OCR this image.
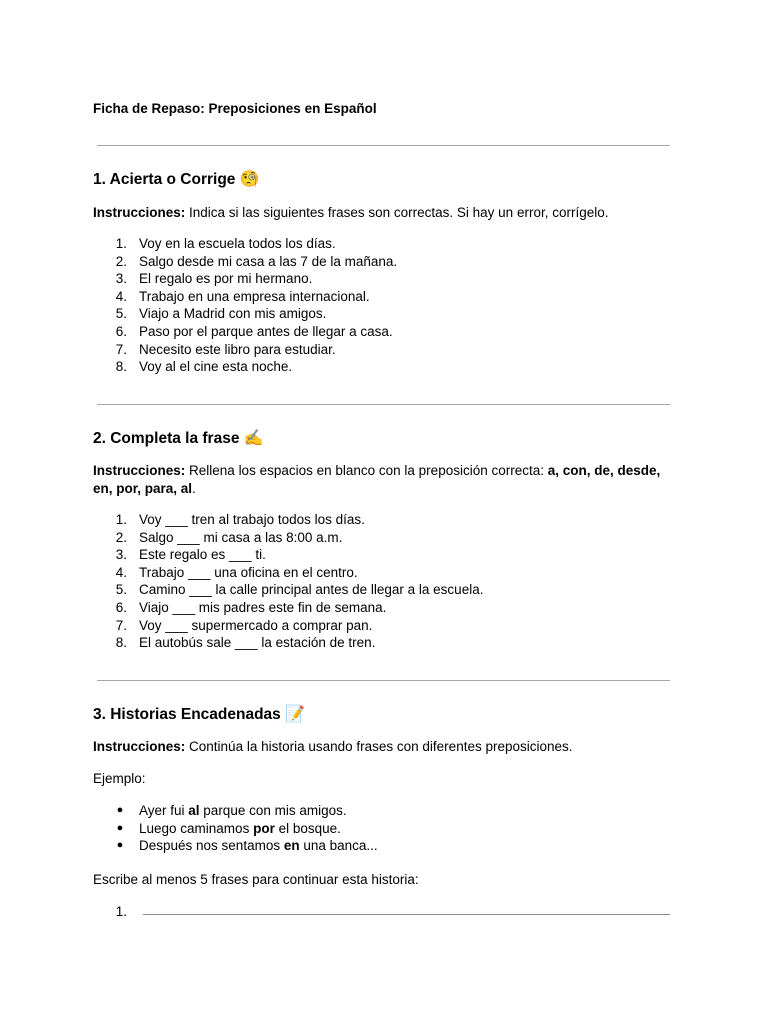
Ficha de Repaso: Preposiciones en Español
1. Acierta o Corrige 🧐
Instrucciones: Indica si las siguientes frases son correctas. Si hay un error, corrígelo.
1. Voy en la escuela todos los días.
2. Salgo desde mi casa a las 7 de la mañana.
3. El regalo es por mi hermano.
4. Trabajo en una empresa internacional.
5. Viajo a Madrid con mis amigos.
6. Paso por el parque antes de llegar a casa.
7. Necesito este libro para estudiar.
8. Voy al el cine esta noche.
2. Completa la frase ✍️
Instrucciones: Rellena los espacios en blanco con la preposición correcta: a, con, de, desde, en, por, para, al.
1. Voy ___ tren al trabajo todos los días.
2. Salgo ___ mi casa a las 8:00 a.m.
3. Este regalo es ___ ti.
4. Trabajo ___ una oficina en el centro.
5. Camino ___ la calle principal antes de llegar a la escuela.
6. Viajo ___ mis padres este fin de semana.
7. Voy ___ supermercado a comprar pan.
8. El autobús sale ___ la estación de tren.
3. Historias Encadenadas 📝
Instrucciones: Continúa la historia usando frases con diferentes preposiciones.
Ejemplo:
● Ayer fui al parque con mis amigos.
● Luego caminamos por el bosque.
● Después nos sentamos en una banca...
Escribe al menos 5 frases para continuar esta historia:
1.
